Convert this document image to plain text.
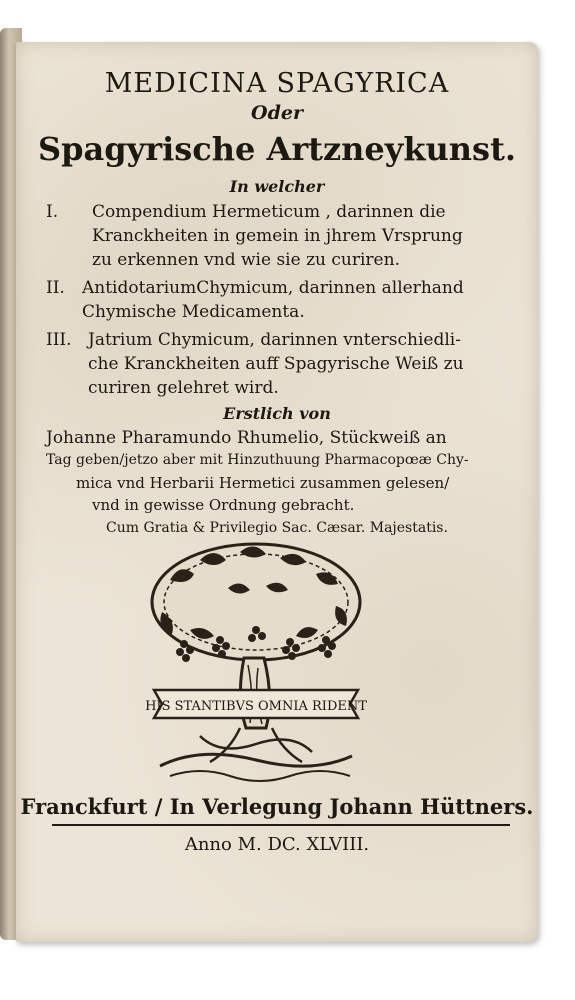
MEDICINA SPAGYRICA
Oder
Spagyrische Artzneykunst.
In welcher
I. Compendium Hermeticum , darinnen die
Kranckheiten in gemein in jhrem Vrsprung
zu erkennen vnd wie sie zu curiren.
II. AntidotariumChymicum, darinnen allerhand
Chymische Medicamenta.
III. Jatrium Chymicum, darinnen vnterschiedli-
che Kranckheiten auff Spagyrische Weiß zu
curiren gelehret wird.
Erstlich von
Johanne Pharamundo Rhumelio, Stückweiß an
Tag geben/jetzo aber mit Hinzuthuung Pharmacopœæ Chy-
mica vnd Herbarii Hermetici zusammen gelesen/
vnd in gewisse Ordnung gebracht.
Cum Gratia & Privilegio Sac. Cæsar. Majestatis.
HIS STANTIBVS OMNIA RIDENT
Franckfurt / In Verlegung Johann Hüttners.
Anno M. DC. XLVIII.
